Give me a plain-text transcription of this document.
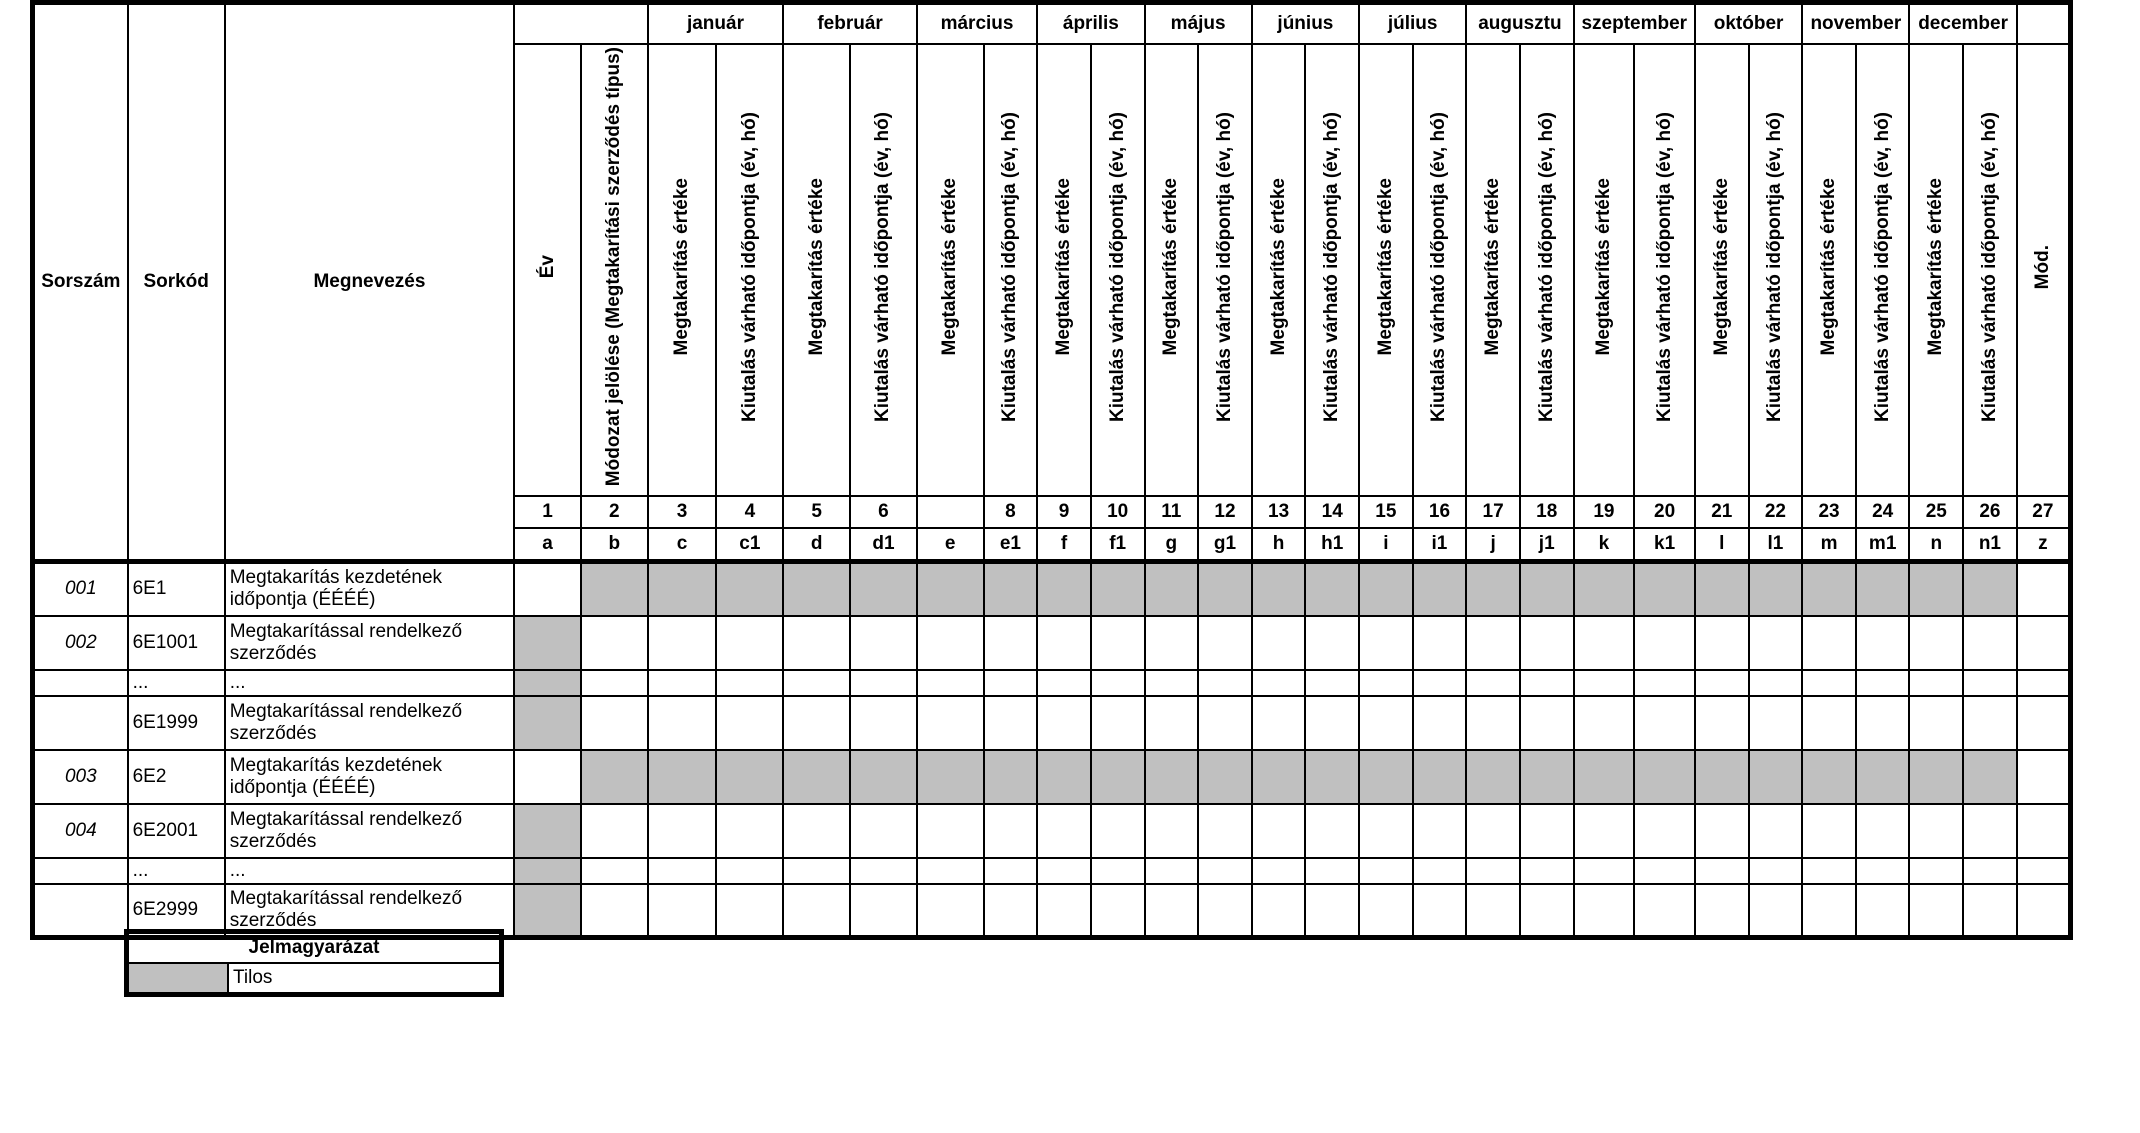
Sorszám	Sorkód	Megnevezés			január		február		március		április		május		június		július		augusztu		szeptember		október		november		december		
			Év	Módozat jelölése (Megtakarítási szerződés típus)	Megtakarítás értéke	Kiutalás várható időpontja (év, hó)	Megtakarítás értéke	Kiutalás várható időpontja (év, hó)	Megtakarítás értéke	Kiutalás várható időpontja (év, hó)	Megtakarítás értéke	Kiutalás várható időpontja (év, hó)	Megtakarítás értéke	Kiutalás várható időpontja (év, hó)	Megtakarítás értéke	Kiutalás várható időpontja (év, hó)	Megtakarítás értéke	Kiutalás várható időpontja (év, hó)	Megtakarítás értéke	Kiutalás várható időpontja (év, hó)	Megtakarítás értéke	Kiutalás várható időpontja (év, hó)	Megtakarítás értéke	Kiutalás várható időpontja (év, hó)	Megtakarítás értéke	Kiutalás várható időpontja (év, hó)	Megtakarítás értéke	Kiutalás várható időpontja (év, hó)	Mód.
			1	2	3	4	5	6		8	9	10	11	12	13	14	15	16	17	18	19	20	21	22	23	24	25	26	27
			a	b	c	c1	d	d1	e	e1	f	f1	g	g1	h	h1	i	i1	j	j1	k	k1	l	l1	m	m1	n	n1	z
001	6E1	Megtakarítás kezdetének időpontja (ÉÉÉÉ)																											
002	6E1001	Megtakarítással rendelkező szerződés																											
	...	...																											
	6E1999	Megtakarítással rendelkező szerződés																											
003	6E2	Megtakarítás kezdetének időpontja (ÉÉÉÉ)																											
004	6E2001	Megtakarítással rendelkező szerződés																											
	...	...																											
	6E2999	Megtakarítással rendelkező szerződés																											
Jelmagyarázat
	Tilos
